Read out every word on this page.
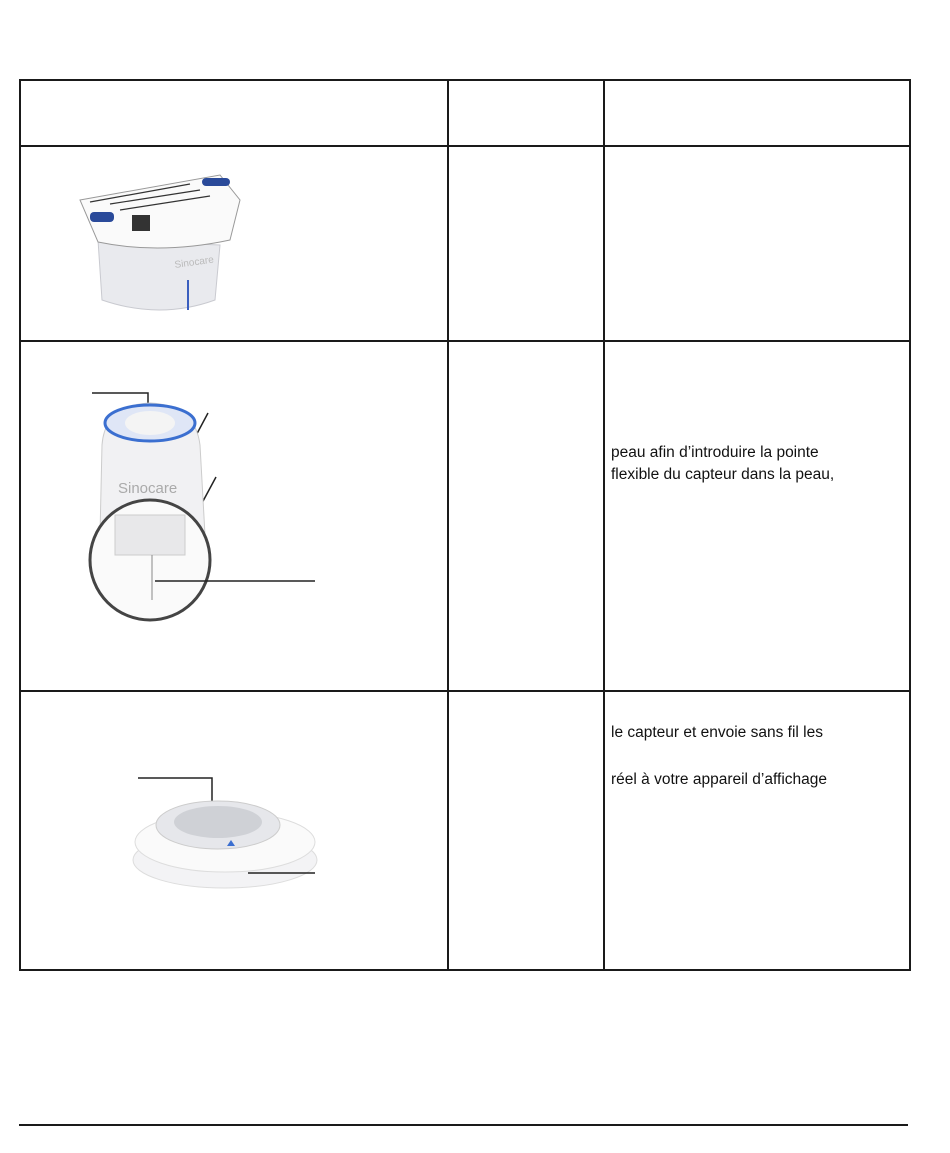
Sinocare
Sinocare
peau afin d’introduire la pointe
flexible du capteur dans la peau,
le capteur et envoie sans fil les
réel à votre appareil d’affichage
